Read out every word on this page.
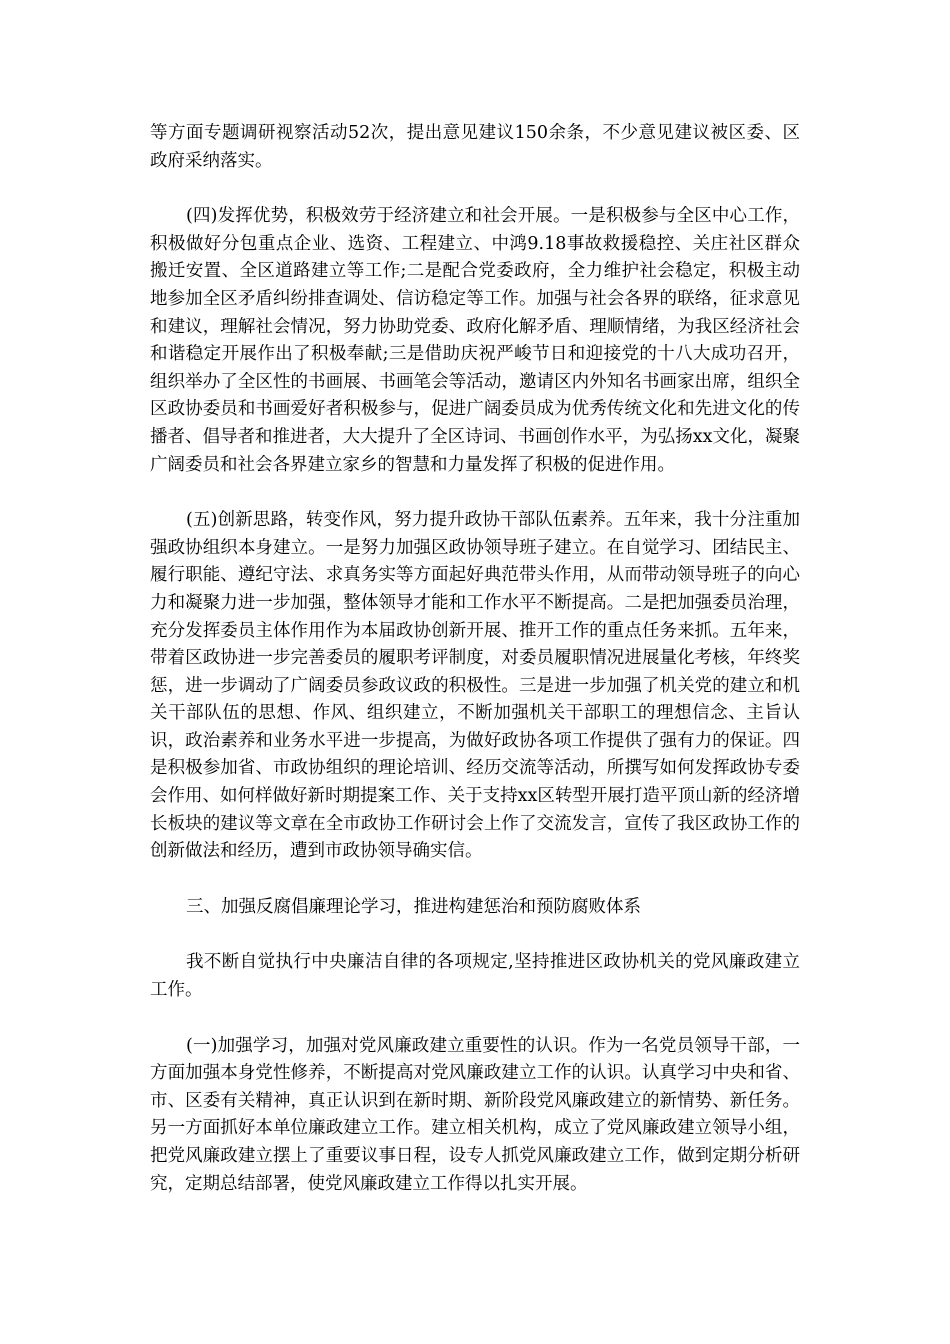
等方面专题调研视察活动52次，提出意见建议150余条，不少意见建议被区委、区政府采纳落实。

(四)发挥优势，积极效劳于经济建立和社会开展。一是积极参与全区中心工作，积极做好分包重点企业、选资、工程建立、中鸿9.18事故救援稳控、关庄社区群众搬迁安置、全区道路建立等工作;二是配合党委政府，全力维护社会稳定，积极主动地参加全区矛盾纠纷排查调处、信访稳定等工作。加强与社会各界的联络，征求意见和建议，理解社会情况，努力协助党委、政府化解矛盾、理顺情绪，为我区经济社会和谐稳定开展作出了积极奉献;三是借助庆祝严峻节日和迎接党的十八大成功召开，组织举办了全区性的书画展、书画笔会等活动，邀请区内外知名书画家出席，组织全区政协委员和书画爱好者积极参与，促进广阔委员成为优秀传统文化和先进文化的传播者、倡导者和推进者，大大提升了全区诗词、书画创作水平，为弘扬xx文化，凝聚广阔委员和社会各界建立家乡的智慧和力量发挥了积极的促进作用。

(五)创新思路，转变作风，努力提升政协干部队伍素养。五年来，我十分注重加强政协组织本身建立。一是努力加强区政协领导班子建立。在自觉学习、团结民主、履行职能、遵纪守法、求真务实等方面起好典范带头作用，从而带动领导班子的向心力和凝聚力进一步加强，整体领导才能和工作水平不断提高。二是把加强委员治理，充分发挥委员主体作用作为本届政协创新开展、推开工作的重点任务来抓。五年来，带着区政协进一步完善委员的履职考评制度，对委员履职情况进展量化考核，年终奖惩，进一步调动了广阔委员参政议政的积极性。三是进一步加强了机关党的建立和机关干部队伍的思想、作风、组织建立，不断加强机关干部职工的理想信念、主旨认识，政治素养和业务水平进一步提高，为做好政协各项工作提供了强有力的保证。四是积极参加省、市政协组织的理论培训、经历交流等活动，所撰写如何发挥政协专委会作用、如何样做好新时期提案工作、关于支持xx区转型开展打造平顶山新的经济增长板块的建议等文章在全市政协工作研讨会上作了交流发言，宣传了我区政协工作的创新做法和经历，遭到市政协领导确实信。

三、加强反腐倡廉理论学习，推进构建惩治和预防腐败体系

我不断自觉执行中央廉洁自律的各项规定,坚持推进区政协机关的党风廉政建立工作。

(一)加强学习，加强对党风廉政建立重要性的认识。作为一名党员领导干部，一方面加强本身党性修养，不断提高对党风廉政建立工作的认识。认真学习中央和省、市、区委有关精神，真正认识到在新时期、新阶段党风廉政建立的新情势、新任务。另一方面抓好本单位廉政建立工作。建立相关机构，成立了党风廉政建立领导小组，把党风廉政建立摆上了重要议事日程，设专人抓党风廉政建立工作，做到定期分析研究，定期总结部署，使党风廉政建立工作得以扎实开展。
